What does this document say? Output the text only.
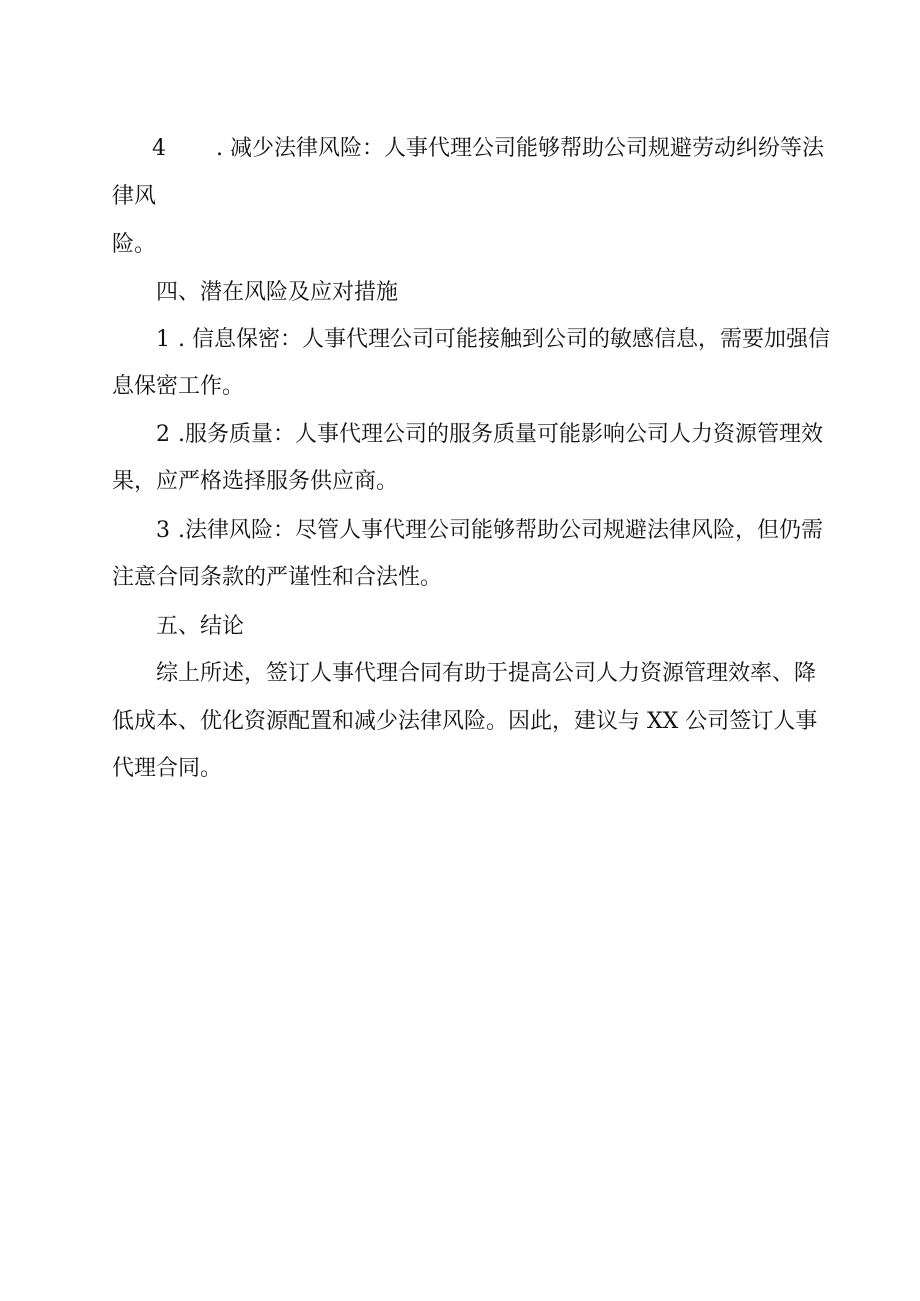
4 . 减少法律风险：人事代理公司能够帮助公司规避劳动纠纷等法
律风
险。
四、潜在风险及应对措施
1 . 信息保密：人事代理公司可能接触到公司的敏感信息，需要加强信
息保密工作。
2 .服务质量：人事代理公司的服务质量可能影响公司人力资源管理效
果，应严格选择服务供应商。
3 .法律风险：尽管人事代理公司能够帮助公司规避法律风险，但仍需
注意合同条款的严谨性和合法性。
五、结论
综上所述，签订人事代理合同有助于提高公司人力资源管理效率、降
低成本、优化资源配置和减少法律风险。因此，建议与 XX 公司签订人事
代理合同。
